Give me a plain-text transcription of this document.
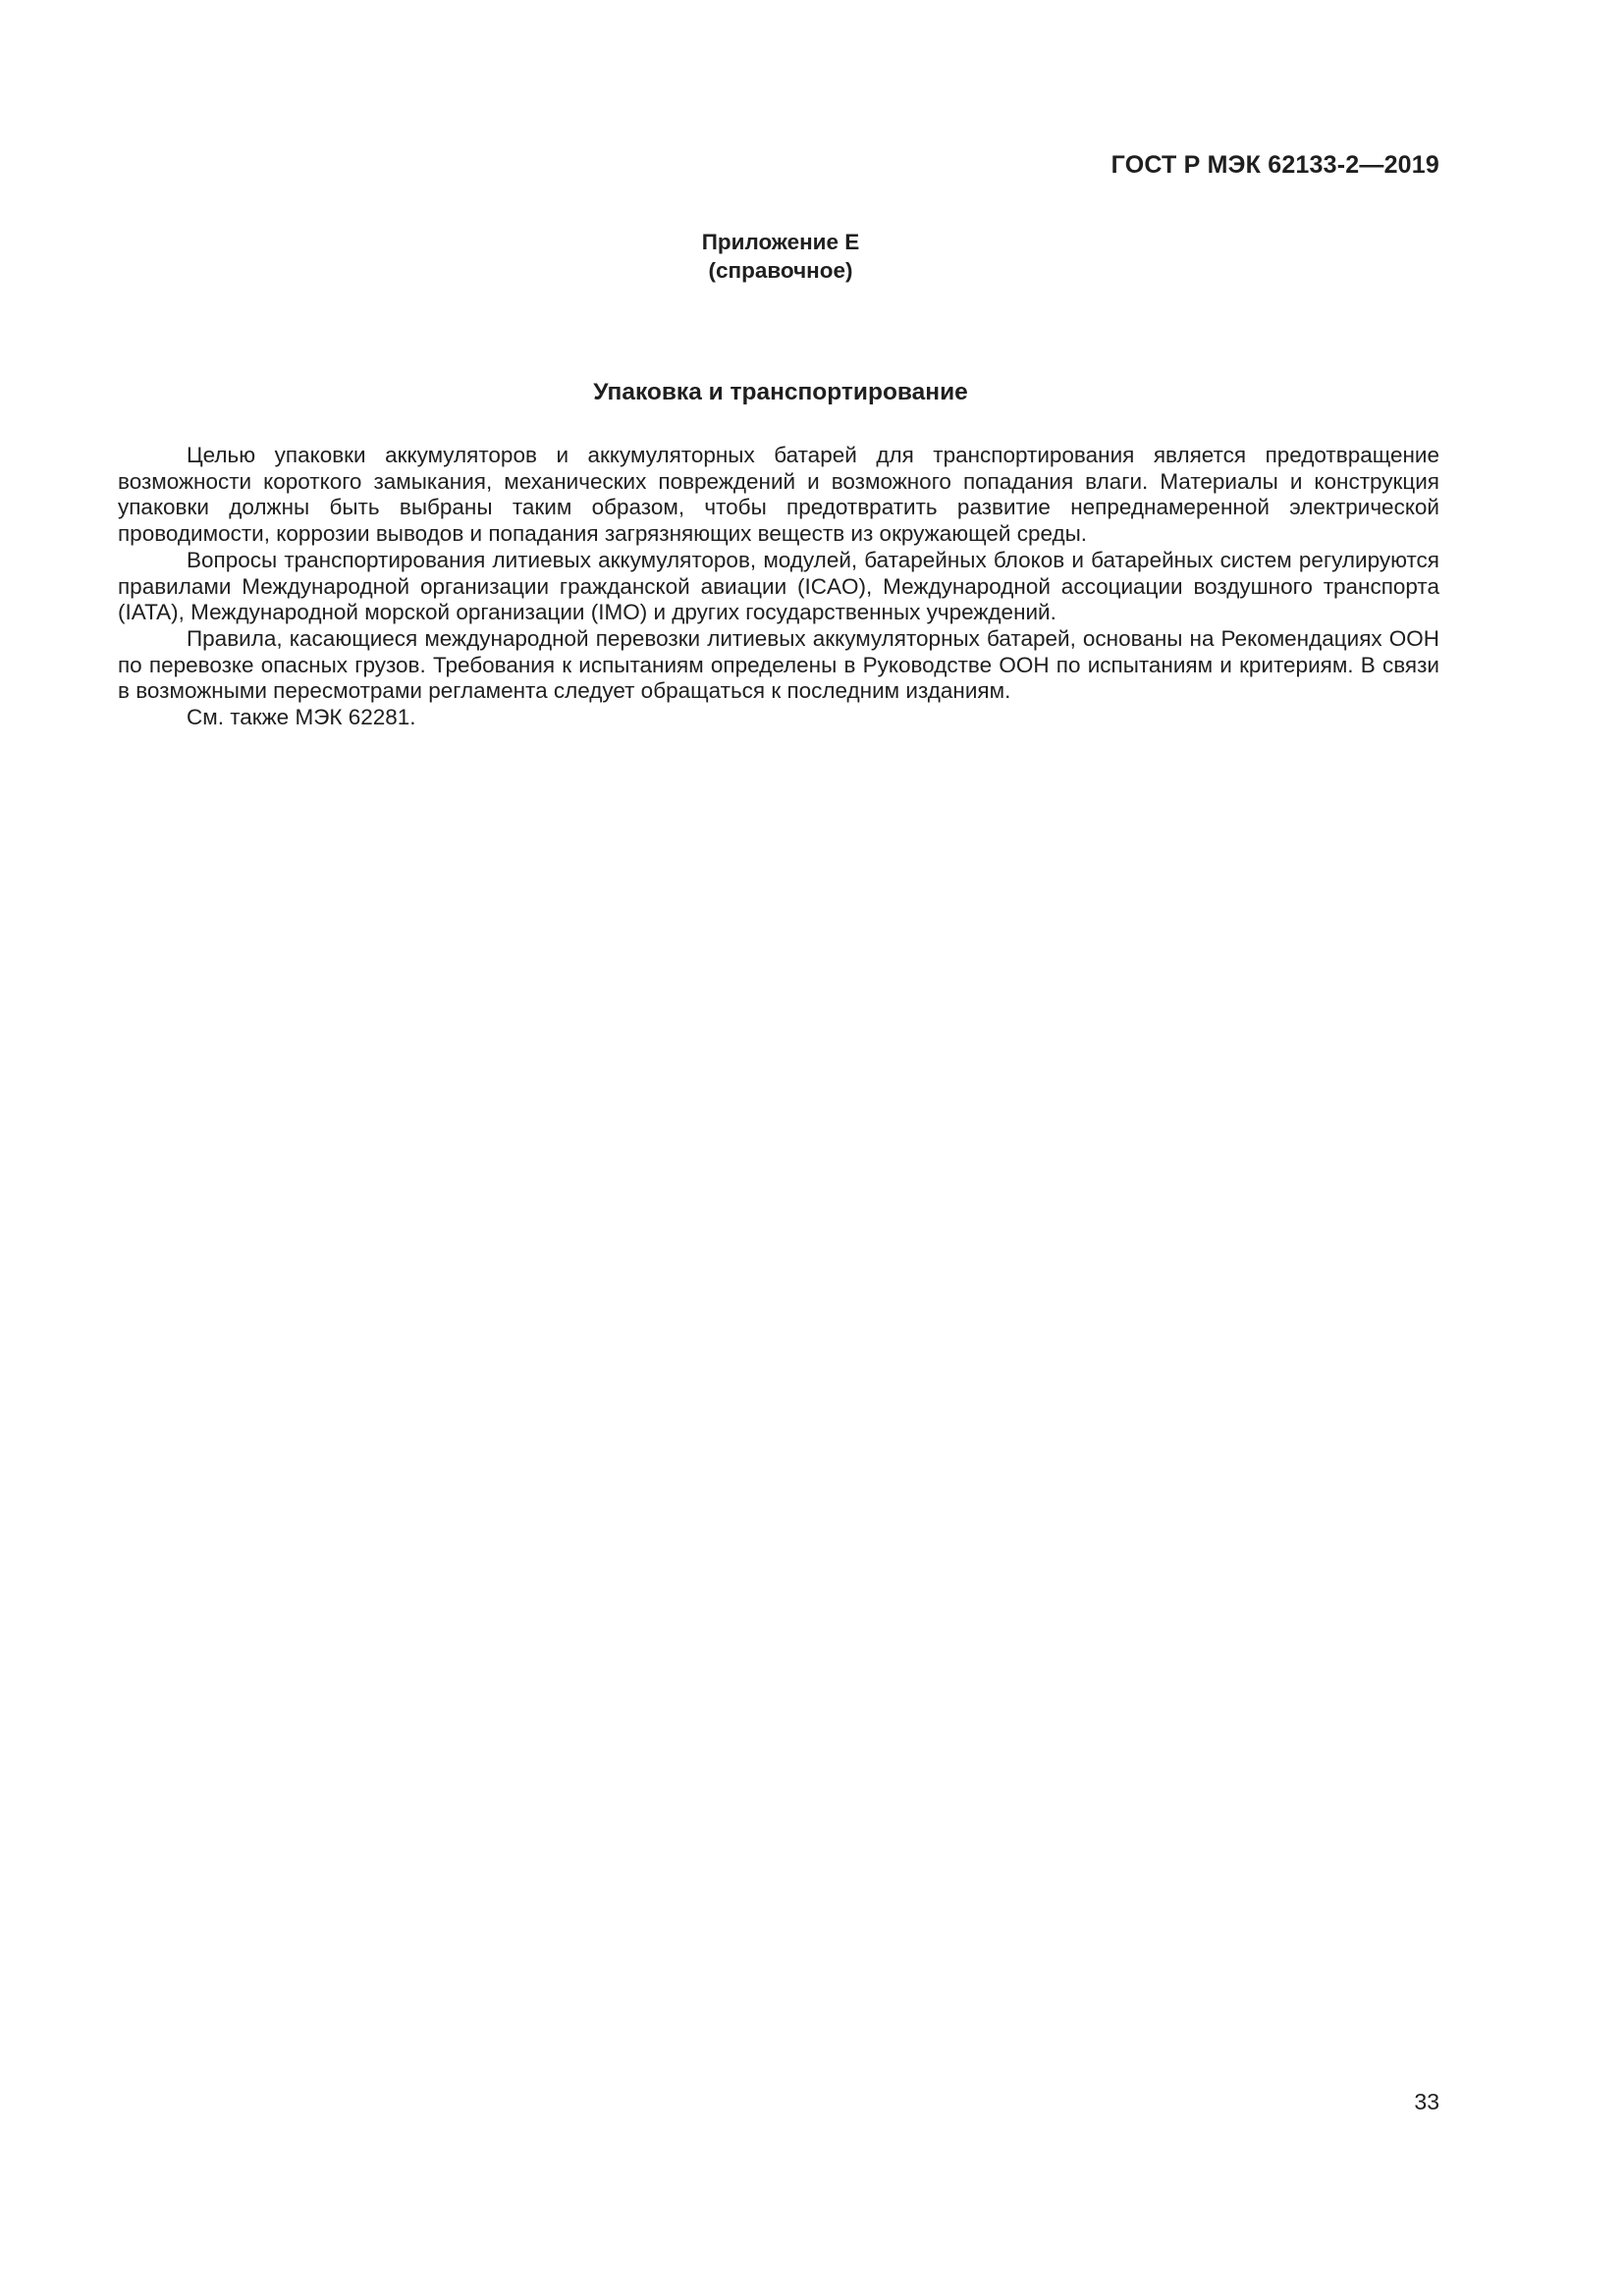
ГОСТ Р МЭК 62133-2—2019
Приложение E
(справочное)
Упаковка и транспортирование

Целью упаковки аккумуляторов и аккумуляторных батарей для транспортирования является предотвращение возможности короткого замыкания, механических повреждений и возможного попадания влаги. Материалы и конструкция упаковки должны быть выбраны таким образом, чтобы предотвратить развитие непреднамеренной электрической проводимости, коррозии выводов и попадания загрязняющих веществ из окружающей среды.

Вопросы транспортирования литиевых аккумуляторов, модулей, батарейных блоков и батарейных систем регулируются правилами Международной организации гражданской авиации (ICAO), Международной ассоциации воздушного транспорта (IATA), Международной морской организации (IMO) и других государственных учреждений.

Правила, касающиеся международной перевозки литиевых аккумуляторных батарей, основаны на Рекомендациях ООН по перевозке опасных грузов. Требования к испытаниям определены в Руководстве ООН по испытаниям и критериям. В связи в возможными пересмотрами регламента следует обращаться к последним изданиям.

См. также МЭК 62281.

33
